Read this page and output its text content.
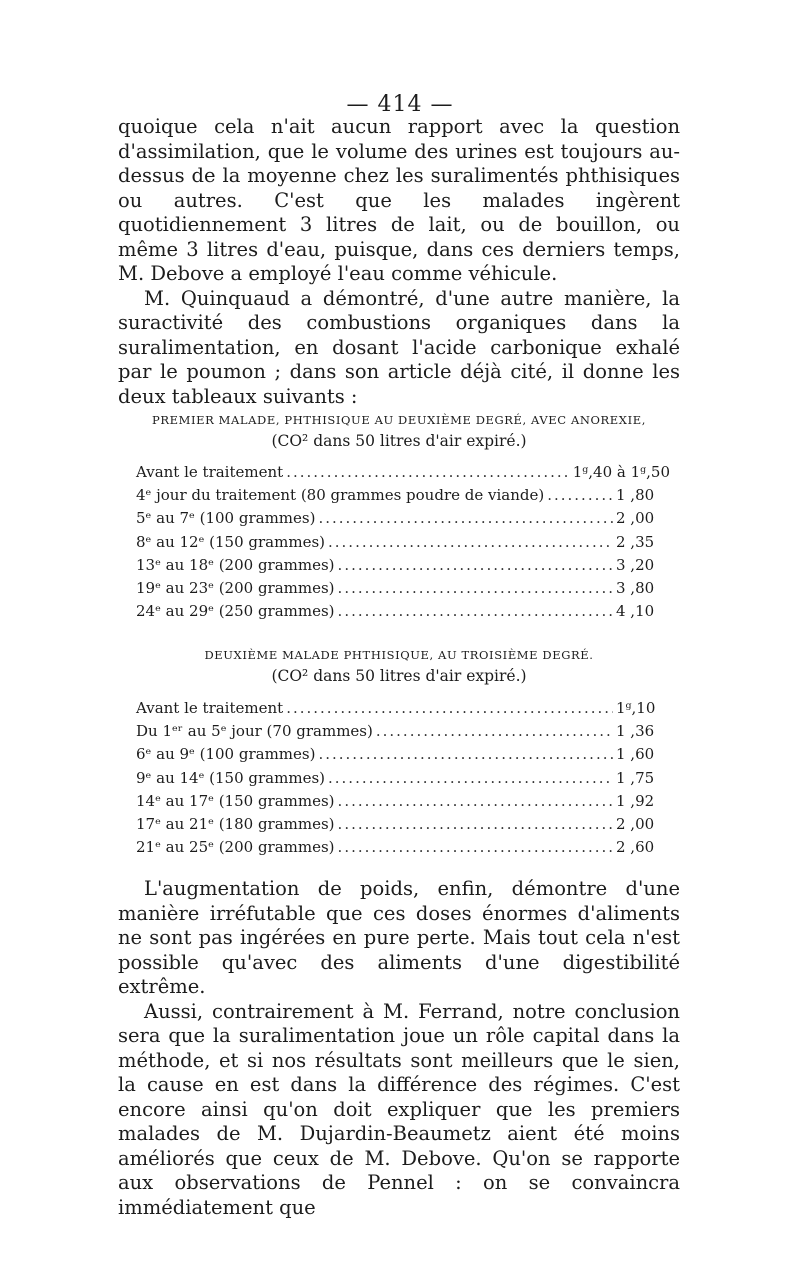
— 414 —

quoique cela n'ait aucun rapport avec la question d'assimilation, que le volume des urines est toujours au-dessus de la moyenne chez les suralimentés phthisiques ou autres. C'est que les malades ingèrent quotidiennement 3 litres de lait, ou de bouillon, ou même 3 litres d'eau, puisque, dans ces derniers temps, M. Debove a employé l'eau comme véhicule.

M. Quinquaud a démontré, d'une autre manière, la suractivité des combustions organiques dans la suralimentation, en dosant l'acide carbonique exhalé par le poumon ; dans son article déjà cité, il donne les deux tableaux suivants :

PREMIER MALADE, PHTHISIQUE AU DEUXIÈME DEGRÉ, AVEC ANOREXIE,
(CO² dans 50 litres d'air expiré.)
Avant le traitement .....	1ᵍ,40 à 1ᵍ,50
4ᵉ jour du traitement (80 grammes poudre de viande) .....	1 ,80
5ᵉ au 7ᵉ (100 grammes) .....	2 ,00
8ᵉ au 12ᵉ (150 grammes) .....	2 ,35
13ᵉ au 18ᵉ (200 grammes) .....	3 ,20
19ᵉ au 23ᵉ (200 grammes) .....	3 ,80
24ᵉ au 29ᵉ (250 grammes) .....	4 ,10
DEUXIÈME MALADE PHTHISIQUE, AU TROISIÈME DEGRÉ.
(CO² dans 50 litres d'air expiré.)
Avant le traitement .....	1ᵍ,10
Du 1ᵉʳ au 5ᵉ jour (70 grammes) .....	1 ,36
6ᵉ au 9ᵉ (100 grammes) .....	1 ,60
9ᵉ au 14ᵉ (150 grammes) .....	1 ,75
14ᵉ au 17ᵉ (150 grammes) .....	1 ,92
17ᵉ au 21ᵉ (180 grammes) .....	2 ,00
21ᵉ au 25ᵉ (200 grammes) .....	2 ,60

L'augmentation de poids, enfin, démontre d'une manière irréfutable que ces doses énormes d'aliments ne sont pas ingérées en pure perte. Mais tout cela n'est possible qu'avec des aliments d'une digestibilité extrême.

Aussi, contrairement à M. Ferrand, notre conclusion sera que la suralimentation joue un rôle capital dans la méthode, et si nos résultats sont meilleurs que le sien, la cause en est dans la différence des régimes. C'est encore ainsi qu'on doit expliquer que les premiers malades de M. Dujardin-Beaumetz aient été moins améliorés que ceux de M. Debove. Qu'on se rapporte aux observations de Pennel : on se convaincra immédiatement que
